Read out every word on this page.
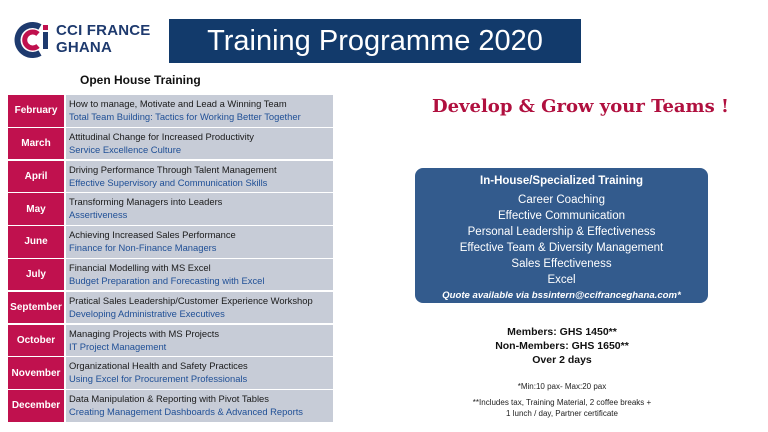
CCI FRANCE
GHANA	Training Programme 2020
Open House Training
February
How to manage, Motivate and Lead a Winning Team
Total Team Building: Tactics for Working Better Together
March
Attitudinal Change for Increased Productivity
Service Excellence Culture
April
Driving Performance Through Talent Management
Effective Supervisory and Communication Skills
May
Transforming Managers into Leaders
Assertiveness
June
Achieving Increased Sales Performance
Finance for Non-Finance Managers
July
Financial Modelling with MS Excel
Budget Preparation and Forecasting with Excel
September
Pratical Sales Leadership/Customer Experience Workshop
Developing Administrative Executives
October
Managing Projects with MS Projects
IT Project Management
November
Organizational Health and Safety Practices
Using Excel for Procurement Professionals
December
Data Manipulation & Reporting with Pivot Tables
Creating Management Dashboards & Advanced Reports
Develop & Grow your Teams !
In-House/Specialized Training
Career Coaching
Effective Communication
Personal Leadership & Effectiveness
Effective Team & Diversity Management
Sales Effectiveness
Excel
Quote available via bssintern@ccifranceghana.com*
Members: GHS 1450**
Non-Members: GHS 1650**
Over 2 days
*Min:10 pax- Max:20 pax
**Includes tax, Training Material, 2 coffee breaks + 1 lunch / day, Partner certificate
